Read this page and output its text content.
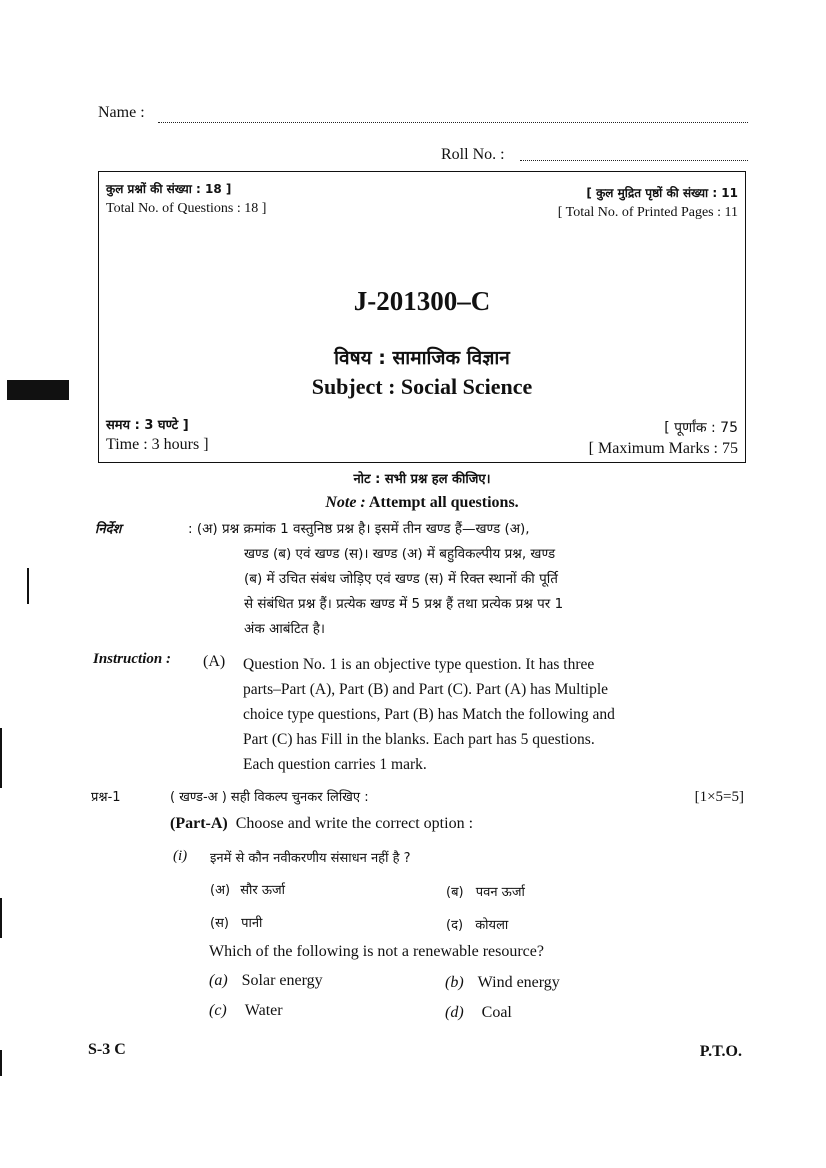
Name :
Roll No. :
कुल प्रश्नों की संख्या : 18 ]
Total No. of Questions : 18 ]
[ कुल मुद्रित पृष्ठों की संख्या : 11
[ Total No. of Printed Pages : 11
J-201300–C
विषय : सामाजिक विज्ञान
Subject : Social Science
समय : 3 घण्टे ]
Time : 3 hours ]
[ पूर्णांक : 75
[ Maximum Marks : 75
नोट : सभी प्रश्न हल कीजिए।
Note : Attempt all questions.
निर्देश	: (अ) प्रश्न क्रमांक 1 वस्तुनिष्ठ प्रश्न है। इसमें तीन खण्ड हैं—खण्ड (अ),
खण्ड (ब) एवं खण्ड (स)। खण्ड (अ) में बहुविकल्पीय प्रश्न, खण्ड
(ब) में उचित संबंध जोड़िए एवं खण्ड (स) में रिक्त स्थानों की पूर्ति
से संबंधित प्रश्न हैं। प्रत्येक खण्ड में 5 प्रश्न हैं तथा प्रत्येक प्रश्न पर 1
अंक आबंटित है।
Instruction : (A) Question No. 1 is an objective type question. It has three
parts–Part (A), Part (B) and Part (C). Part (A) has Multiple
choice type questions, Part (B) has Match the following and
Part (C) has Fill in the blanks. Each part has 5 questions.
Each question carries 1 mark.
प्रश्न-1	( खण्ड-अ ) सही विकल्प चुनकर लिखिए :	[1×5=5]
(Part-A) Choose and write the correct option :
(i) इनमें से कौन नवीकरणीय संसाधन नहीं है ?
(अ) सौर ऊर्जा	(ब) पवन ऊर्जा
(स) पानी	(द) कोयला
Which of the following is not a renewable resource?
(a) Solar energy	(b) Wind energy
(c) Water	(d) Coal
S-3 C	P.T.O.
